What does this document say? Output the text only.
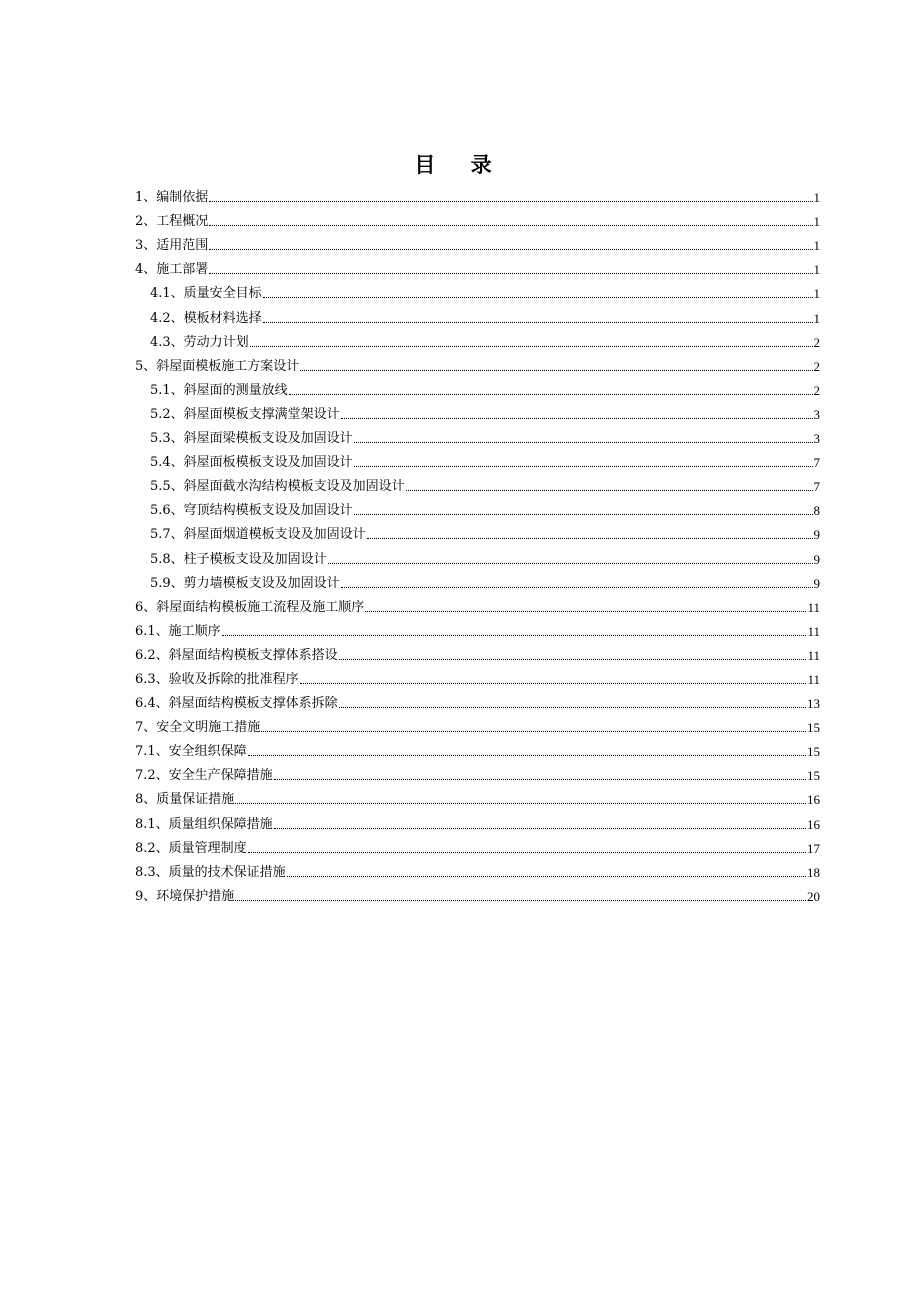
目 录
1、编制依据	1
2、工程概况	1
3、适用范围	1
4、施工部署	1
4.1、质量安全目标	1
4.2、模板材料选择	1
4.3、劳动力计划	2
5、斜屋面模板施工方案设计	2
5.1、斜屋面的测量放线	2
5.2、斜屋面模板支撑满堂架设计	3
5.3、斜屋面梁模板支设及加固设计	3
5.4、斜屋面板模板支设及加固设计	7
5.5、斜屋面截水沟结构模板支设及加固设计	7
5.6、穹顶结构模板支设及加固设计	8
5.7、斜屋面烟道模板支设及加固设计	9
5.8、柱子模板支设及加固设计	9
5.9、剪力墙模板支设及加固设计	9
6、斜屋面结构模板施工流程及施工顺序	11
6.1、施工顺序	11
6.2、斜屋面结构模板支撑体系搭设	11
6.3、验收及拆除的批准程序	11
6.4、斜屋面结构模板支撑体系拆除	13
7、安全文明施工措施	15
7.1、安全组织保障	15
7.2、安全生产保障措施	15
8、质量保证措施	16
8.1、质量组织保障措施	16
8.2、质量管理制度	17
8.3、质量的技术保证措施	18
9、环境保护措施	20
